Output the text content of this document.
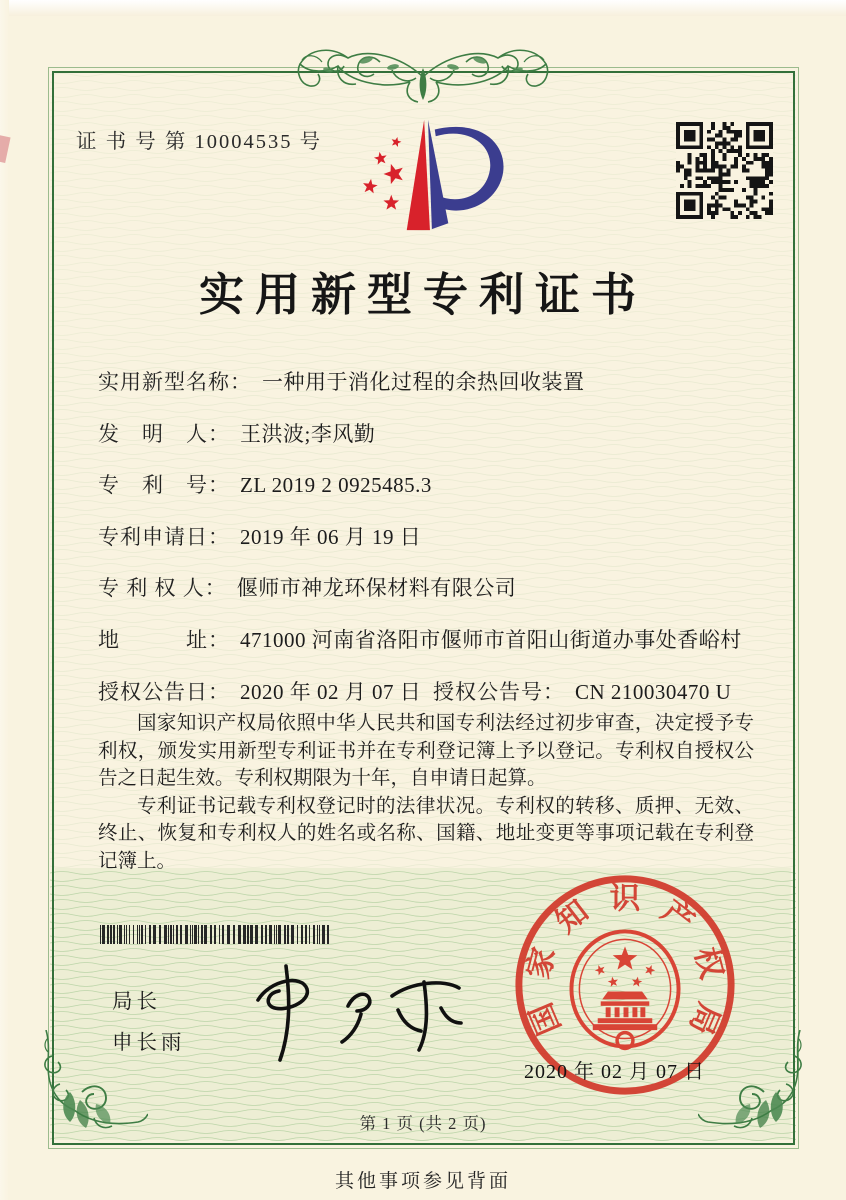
证 书 号 第 10004535 号
实用新型专利证书
实用新型名称： 一种用于消化过程的余热回收装置
发　明　人： 王洪波;李风勤
专　利　号： ZL 2019 2 0925485.3
专利申请日： 2019 年 06 月 19 日
专 利 权 人： 偃师市神龙环保材料有限公司
地　　　址： 471000 河南省洛阳市偃师市首阳山街道办事处香峪村
授权公告日： 2020 年 02 月 07 日 授权公告号： CN 210030470 U

国家知识产权局依照中华人民共和国专利法经过初步审查，决定授予专利权，颁发实用新型专利证书并在专利登记簿上予以登记。专利权自授权公告之日起生效。专利权期限为十年，自申请日起算。

专利证书记载专利权登记时的法律状况。专利权的转移、质押、无效、终止、恢复和专利权人的姓名或名称、国籍、地址变更等事项记载在专利登记簿上。

局长
申长雨
国
家
知 识 产
权
局
2020 年 02 月 07 日
第 1 页 (共 2 页)
其他事项参见背面
